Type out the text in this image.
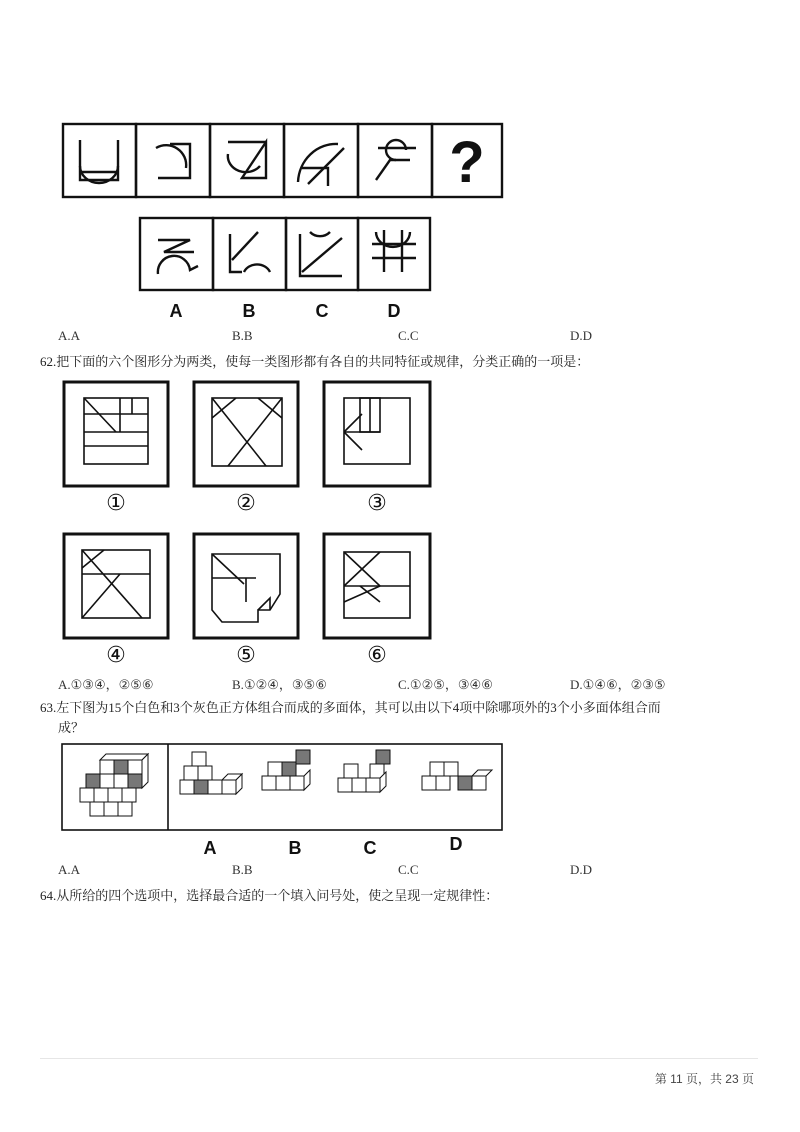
?
A	B	C	D
A.A	B.B	C.C	D.D
62.把下面的六个图形分为两类，使每一类图形都有各自的共同特征或规律，分类正确的一项是：
①	②	③
④	⑤	⑥
A.①③④，②⑤⑥	B.①②④，③⑤⑥	C.①②⑤，③④⑥	D.①④⑥，②③⑤
63.左下图为15个白色和3个灰色正方体组合而成的多面体，其可以由以下4项中除哪项外的3个小多面体组合而
成？
A	B	C	D
A.A	B.B	C.C	D.D
64.从所给的四个选项中，选择最合适的一个填入问号处，使之呈现一定规律性：
第 11 页，共 23 页
